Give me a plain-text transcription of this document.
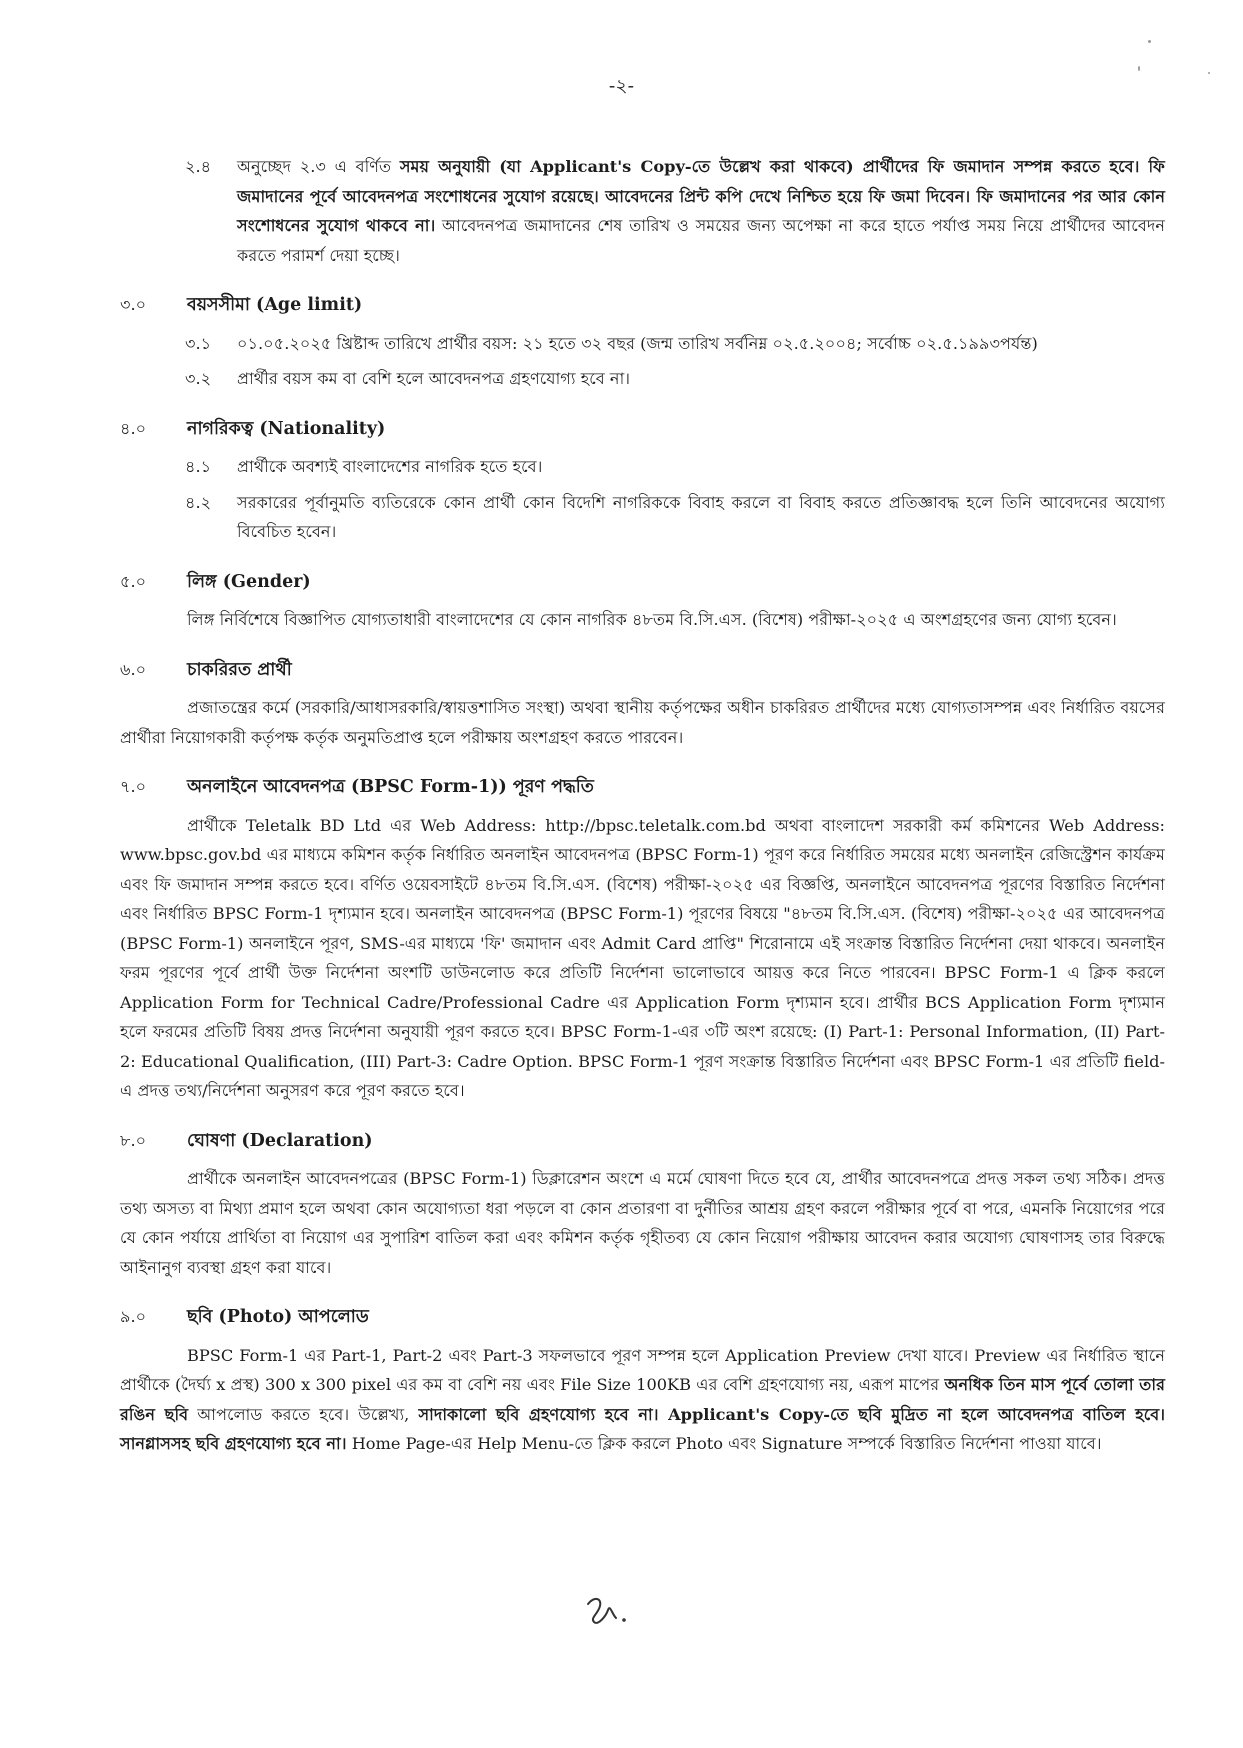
-২-
২.৪	অনুচ্ছেদ ২.৩ এ বর্ণিত সময় অনুযায়ী (যা Applicant's Copy-তে উল্লেখ করা থাকবে) প্রার্থীদের ফি জমাদান সম্পন্ন করতে হবে। ফি জমাদানের পূর্বে আবেদনপত্র সংশোধনের সুযোগ রয়েছে। আবেদনের প্রিন্ট কপি দেখে নিশ্চিত হয়ে ফি জমা দিবেন। ফি জমাদানের পর আর কোন সংশোধনের সুযোগ থাকবে না। আবেদনপত্র জমাদানের শেষ তারিখ ও সময়ের জন্য অপেক্ষা না করে হাতে পর্যাপ্ত সময় নিয়ে প্রার্থীদের আবেদন করতে পরামর্শ দেয়া হচ্ছে।
৩.০	বয়সসীমা (Age limit)
৩.১	০১.০৫.২০২৫ খ্রিষ্টাব্দ তারিখে প্রার্থীর বয়স: ২১ হতে ৩২ বছর (জন্ম তারিখ সর্বনিম্ন ০২.৫.২০০৪; সর্বোচ্চ ০২.৫.১৯৯৩পর্যন্ত)
৩.২	প্রার্থীর বয়স কম বা বেশি হলে আবেদনপত্র গ্রহণযোগ্য হবে না।
৪.০	নাগরিকত্ব (Nationality)
৪.১	প্রার্থীকে অবশ্যই বাংলাদেশের নাগরিক হতে হবে।
৪.২	সরকারের পূর্বানুমতি ব্যতিরেকে কোন প্রার্থী কোন বিদেশি নাগরিককে বিবাহ করলে বা বিবাহ করতে প্রতিজ্ঞাবদ্ধ হলে তিনি আবেদনের অযোগ্য বিবেচিত হবেন।
৫.০	লিঙ্গ (Gender)

লিঙ্গ নির্বিশেষে বিজ্ঞাপিত যোগ্যতাধারী বাংলাদেশের যে কোন নাগরিক ৪৮তম বি.সি.এস. (বিশেষ) পরীক্ষা-২০২৫ এ অংশগ্রহণের জন্য যোগ্য হবেন।

৬.০	চাকরিরত প্রার্থী

প্রজাতন্ত্রের কর্মে (সরকারি/আধাসরকারি/স্বায়ত্তশাসিত সংস্থা) অথবা স্থানীয় কর্তৃপক্ষের অধীন চাকরিরত প্রার্থীদের মধ্যে যোগ্যতাসম্পন্ন এবং নির্ধারিত বয়সের প্রার্থীরা নিয়োগকারী কর্তৃপক্ষ কর্তৃক অনুমতিপ্রাপ্ত হলে পরীক্ষায় অংশগ্রহণ করতে পারবেন।

৭.০	অনলাইনে আবেদনপত্র (BPSC Form-1)) পূরণ পদ্ধতি

প্রার্থীকে Teletalk BD Ltd এর Web Address: http://bpsc.teletalk.com.bd অথবা বাংলাদেশ সরকারী কর্ম কমিশনের Web Address: www.bpsc.gov.bd এর মাধ্যমে কমিশন কর্তৃক নির্ধারিত অনলাইন আবেদনপত্র (BPSC Form-1) পূরণ করে নির্ধারিত সময়ের মধ্যে অনলাইন রেজিস্ট্রেশন কার্যক্রম এবং ফি জমাদান সম্পন্ন করতে হবে। বর্ণিত ওয়েবসাইটে ৪৮তম বি.সি.এস. (বিশেষ) পরীক্ষা-২০২৫ এর বিজ্ঞপ্তি, অনলাইনে আবেদনপত্র পূরণের বিস্তারিত নির্দেশনা এবং নির্ধারিত BPSC Form-1 দৃশ্যমান হবে। অনলাইন আবেদনপত্র (BPSC Form-1) পূরণের বিষয়ে "৪৮তম বি.সি.এস. (বিশেষ) পরীক্ষা-২০২৫ এর আবেদনপত্র (BPSC Form-1) অনলাইনে পূরণ, SMS-এর মাধ্যমে 'ফি' জমাদান এবং Admit Card প্রাপ্তি" শিরোনামে এই সংক্রান্ত বিস্তারিত নির্দেশনা দেয়া থাকবে। অনলাইন ফরম পূরণের পূর্বে প্রার্থী উক্ত নির্দেশনা অংশটি ডাউনলোড করে প্রতিটি নির্দেশনা ভালোভাবে আয়ত্ত করে নিতে পারবেন। BPSC Form-1 এ ক্লিক করলে Application Form for Technical Cadre/Professional Cadre এর Application Form দৃশ্যমান হবে। প্রার্থীর BCS Application Form দৃশ্যমান হলে ফরমের প্রতিটি বিষয় প্রদত্ত নির্দেশনা অনুযায়ী পূরণ করতে হবে। BPSC Form-1-এর ৩টি অংশ রয়েছে: (I) Part-1: Personal Information, (II) Part-2: Educational Qualification, (III) Part-3: Cadre Option. BPSC Form-1 পূরণ সংক্রান্ত বিস্তারিত নির্দেশনা এবং BPSC Form-1 এর প্রতিটি field-এ প্রদত্ত তথ্য/নির্দেশনা অনুসরণ করে পূরণ করতে হবে।

৮.০	ঘোষণা (Declaration)

প্রার্থীকে অনলাইন আবেদনপত্রের (BPSC Form-1) ডিক্লারেশন অংশে এ মর্মে ঘোষণা দিতে হবে যে, প্রার্থীর আবেদনপত্রে প্রদত্ত সকল তথ্য সঠিক। প্রদত্ত তথ্য অসত্য বা মিথ্যা প্রমাণ হলে অথবা কোন অযোগ্যতা ধরা পড়লে বা কোন প্রতারণা বা দুর্নীতির আশ্রয় গ্রহণ করলে পরীক্ষার পূর্বে বা পরে, এমনকি নিয়োগের পরে যে কোন পর্যায়ে প্রার্থিতা বা নিয়োগ এর সুপারিশ বাতিল করা এবং কমিশন কর্তৃক গৃহীতব্য যে কোন নিয়োগ পরীক্ষায় আবেদন করার অযোগ্য ঘোষণাসহ তার বিরুদ্ধে আইনানুগ ব্যবস্থা গ্রহণ করা যাবে।

৯.০	ছবি (Photo) আপলোড

BPSC Form-1 এর Part-1, Part-2 এবং Part-3 সফলভাবে পূরণ সম্পন্ন হলে Application Preview দেখা যাবে। Preview এর নির্ধারিত স্থানে প্রার্থীকে (দৈর্ঘ্য x প্রস্থ) 300 x 300 pixel এর কম বা বেশি নয় এবং File Size 100KB এর বেশি গ্রহণযোগ্য নয়, এরূপ মাপের অনধিক তিন মাস পূর্বে তোলা তার রঙিন ছবি আপলোড করতে হবে। উল্লেখ্য, সাদাকালো ছবি গ্রহণযোগ্য হবে না। Applicant's Copy-তে ছবি মুদ্রিত না হলে আবেদনপত্র বাতিল হবে। সানগ্লাসসহ ছবি গ্রহণযোগ্য হবে না। Home Page-এর Help Menu-তে ক্লিক করলে Photo এবং Signature সম্পর্কে বিস্তারিত নির্দেশনা পাওয়া যাবে।
